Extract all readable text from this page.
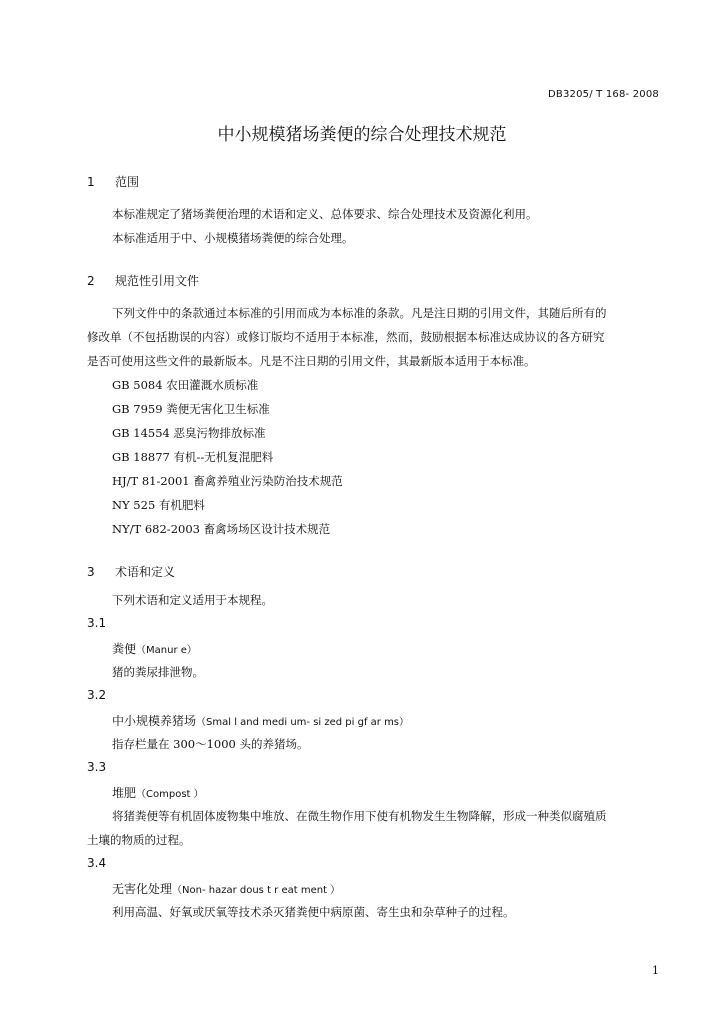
DB3205/ T 168- 2008
中小规模猪场粪便的综合处理技术规范
1 范围
本标准规定了猪场粪便治理的术语和定义、总体要求、综合处理技术及资源化利用。
本标准适用于中、小规模猪场粪便的综合处理。
2 规范性引用文件
下列文件中的条款通过本标准的引用而成为本标准的条款。凡是注日期的引用文件，其随后所有的
修改单（不包括勘误的内容）或修订版均不适用于本标准，然而，鼓励根据本标准达成协议的各方研究
是否可使用这些文件的最新版本。凡是不注日期的引用文件，其最新版本适用于本标准。
GB 5084 农田灌溉水质标准
GB 7959 粪便无害化卫生标准
GB 14554 恶臭污物排放标准
GB 18877 有机--无机复混肥料
HJ/T 81-2001 畜禽养殖业污染防治技术规范
NY 525 有机肥料
NY/T 682-2003 畜禽场场区设计技术规范
3 术语和定义
下列术语和定义适用于本规程。
3.1
粪便（Manur e）
猪的粪尿排泄物。
3.2
中小规模养猪场（Smal l and medi um- si zed pi gf ar ms）
指存栏量在 300～1000 头的养猪场。
3.3
堆肥（Compost ）
将猪粪便等有机固体废物集中堆放、在微生物作用下使有机物发生生物降解，形成一种类似腐殖质
土壤的物质的过程。
3.4
无害化处理（Non- hazar dous t r eat ment ）
利用高温、好氧或厌氧等技术杀灭猪粪便中病原菌、寄生虫和杂草种子的过程。
1
